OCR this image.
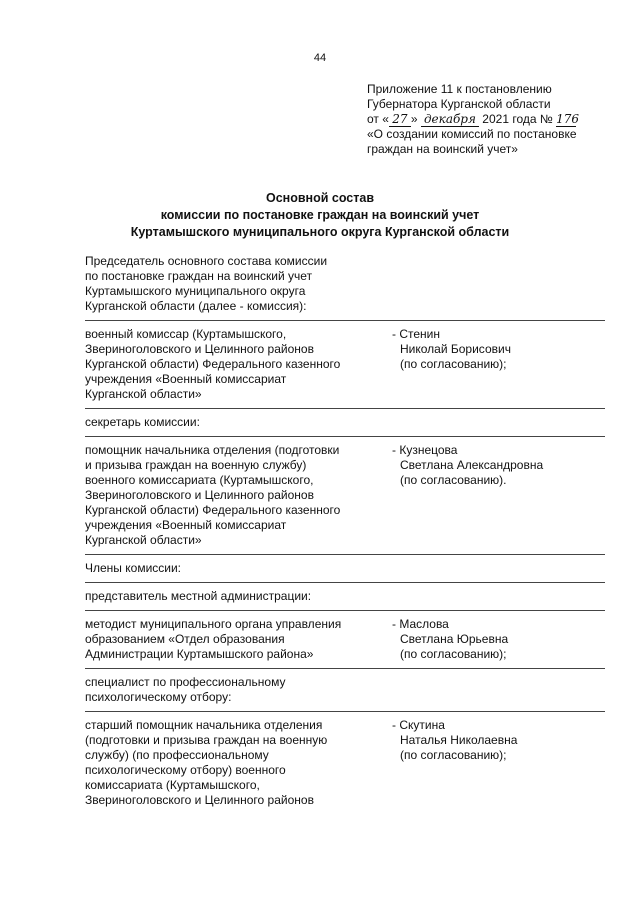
44
Приложение 11 к постановлению
Губернатора Курганской области
от « 27 » декабря 2021 года № 176
«О создании комиссий по постановке
граждан на воинский учет»
Основной состав
комиссии по постановке граждан на воинский учет
Куртамышского муниципального округа Курганской области
Председатель основного состава комиссии
по постановке граждан на воинский учет
Куртамышского муниципального округа
Курганской области (далее - комиссия):
военный комиссар (Куртамышского,
Звериноголовского и Целинного районов
Курганской области) Федерального казенного
учреждения «Военный комиссариат
Курганской области»
- Стенин
Николай Борисович
(по согласованию);
секретарь комиссии:
помощник начальника отделения (подготовки
и призыва граждан на военную службу)
военного комиссариата (Куртамышского,
Звериноголовского и Целинного районов
Курганской области) Федерального казенного
учреждения «Военный комиссариат
Курганской области»
- Кузнецова
Светлана Александровна
(по согласованию).
Члены комиссии:
представитель местной администрации:
методист муниципального органа управления
образованием «Отдел образования
Администрации Куртамышского района»
- Маслова
Светлана Юрьевна
(по согласованию);
специалист по профессиональному
психологическому отбору:
старший помощник начальника отделения
(подготовки и призыва граждан на военную
службу) (по профессиональному
психологическому отбору) военного
комиссариата (Куртамышского,
Звериноголовского и Целинного районов
- Скутина
Наталья Николаевна
(по согласованию);
